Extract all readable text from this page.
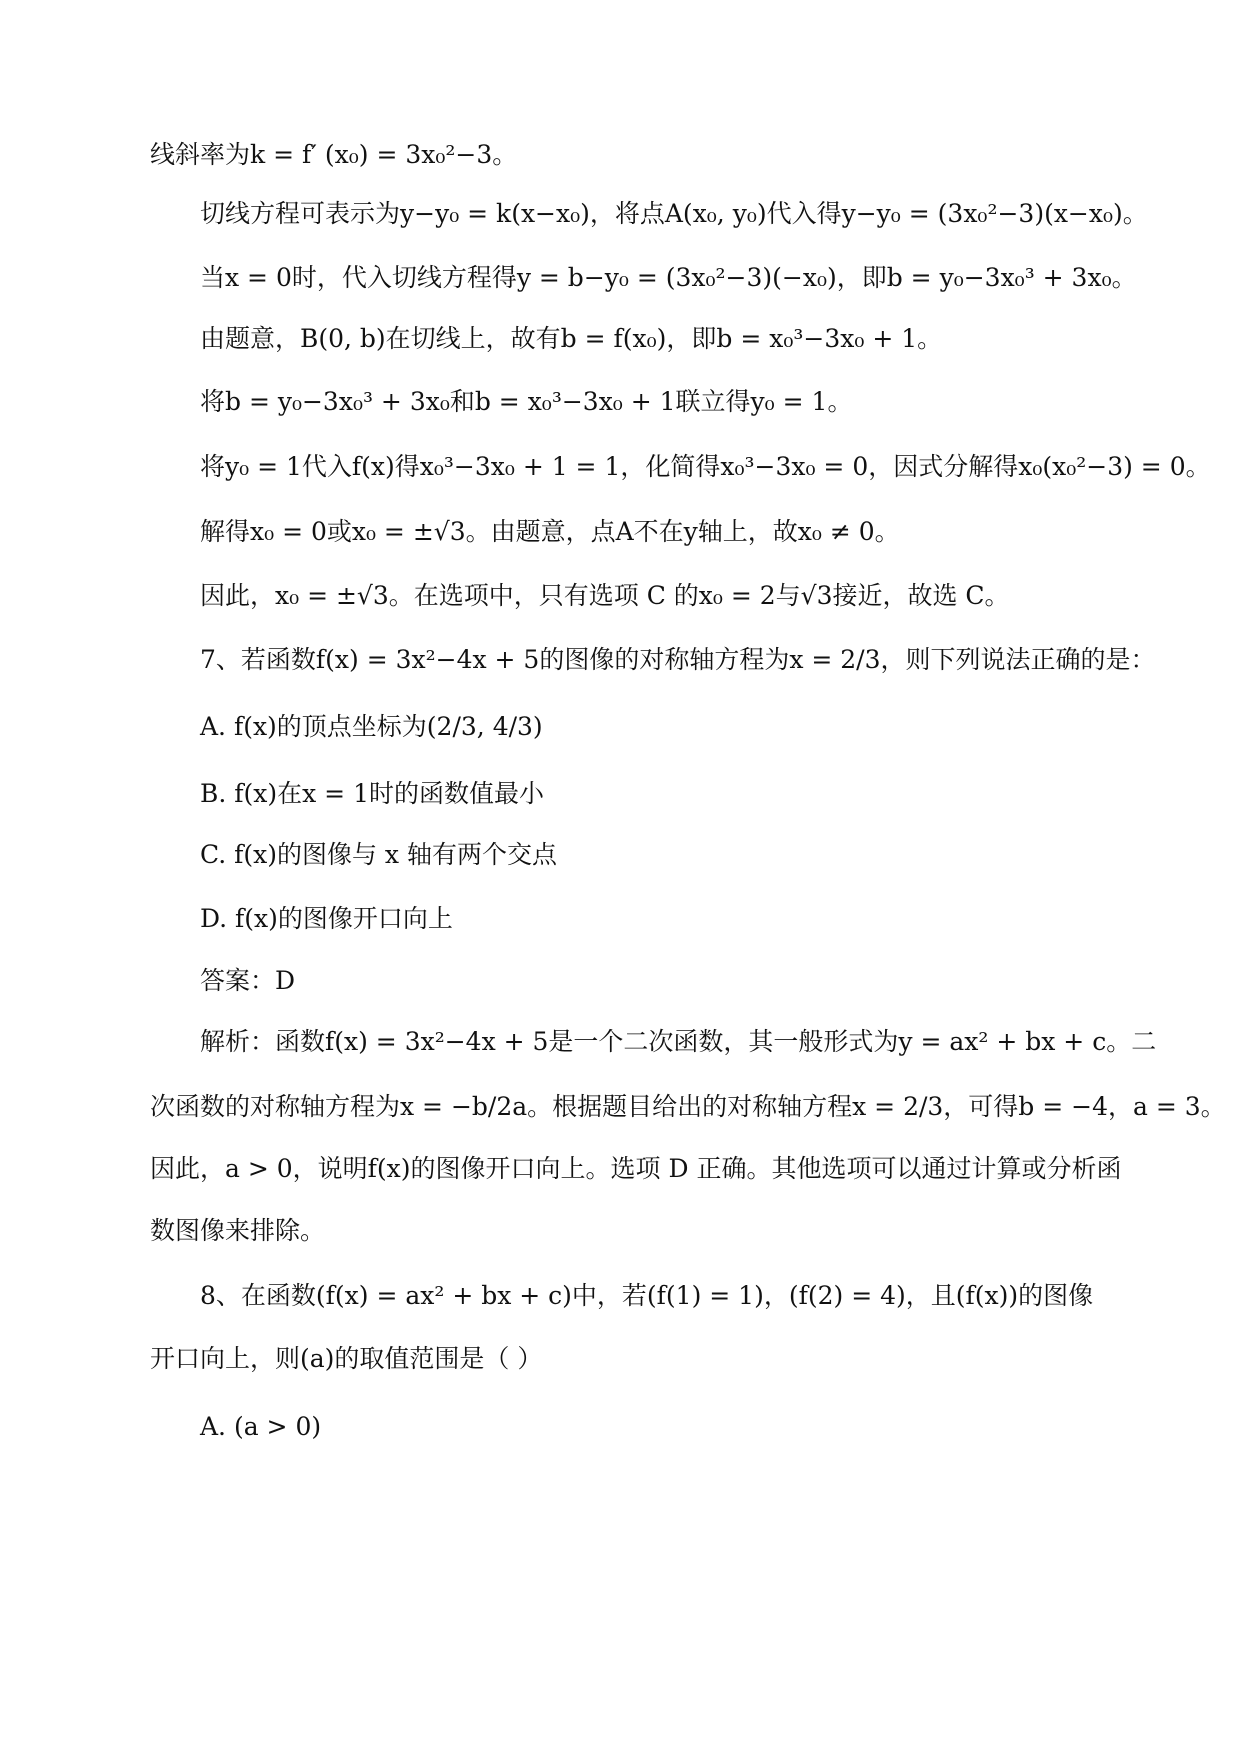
线斜率为k = f′ (x₀) = 3x₀²−3。
切线方程可表示为y−y₀ = k(x−x₀)，将点A(x₀, y₀)代入得y−y₀ = (3x₀²−3)(x−x₀)。
当x = 0时，代入切线方程得y = b−y₀ = (3x₀²−3)(−x₀)，即b = y₀−3x₀³ + 3x₀。
由题意，B(0, b)在切线上，故有b = f(x₀)，即b = x₀³−3x₀ + 1。
将b = y₀−3x₀³ + 3x₀和b = x₀³−3x₀ + 1联立得y₀ = 1。
将y₀ = 1代入f(x)得x₀³−3x₀ + 1 = 1，化简得x₀³−3x₀ = 0，因式分解得x₀(x₀²−3) = 0。
解得x₀ = 0或x₀ = ±√3。由题意，点A不在y轴上，故x₀ ≠ 0。
因此，x₀ = ±√3。在选项中，只有选项 C 的x₀ = 2与√3接近，故选 C。
7、若函数f(x) = 3x²−4x + 5的图像的对称轴方程为x = 2/3，则下列说法正确的是：
A. f(x)的顶点坐标为(2/3, 4/3)
B. f(x)在x = 1时的函数值最小
C. f(x)的图像与 x 轴有两个交点
D. f(x)的图像开口向上
答案：D
解析：函数f(x) = 3x²−4x + 5是一个二次函数，其一般形式为y = ax² + bx + c。二
次函数的对称轴方程为x = −b/2a。根据题目给出的对称轴方程x = 2/3，可得b = −4，a = 3。
因此，a > 0，说明f(x)的图像开口向上。选项 D 正确。其他选项可以通过计算或分析函
数图像来排除。
8、在函数(f(x) = ax² + bx + c)中，若(f(1) = 1)，(f(2) = 4)，且(f(x))的图像
开口向上，则(a)的取值范围是（ ）
A. (a > 0)
